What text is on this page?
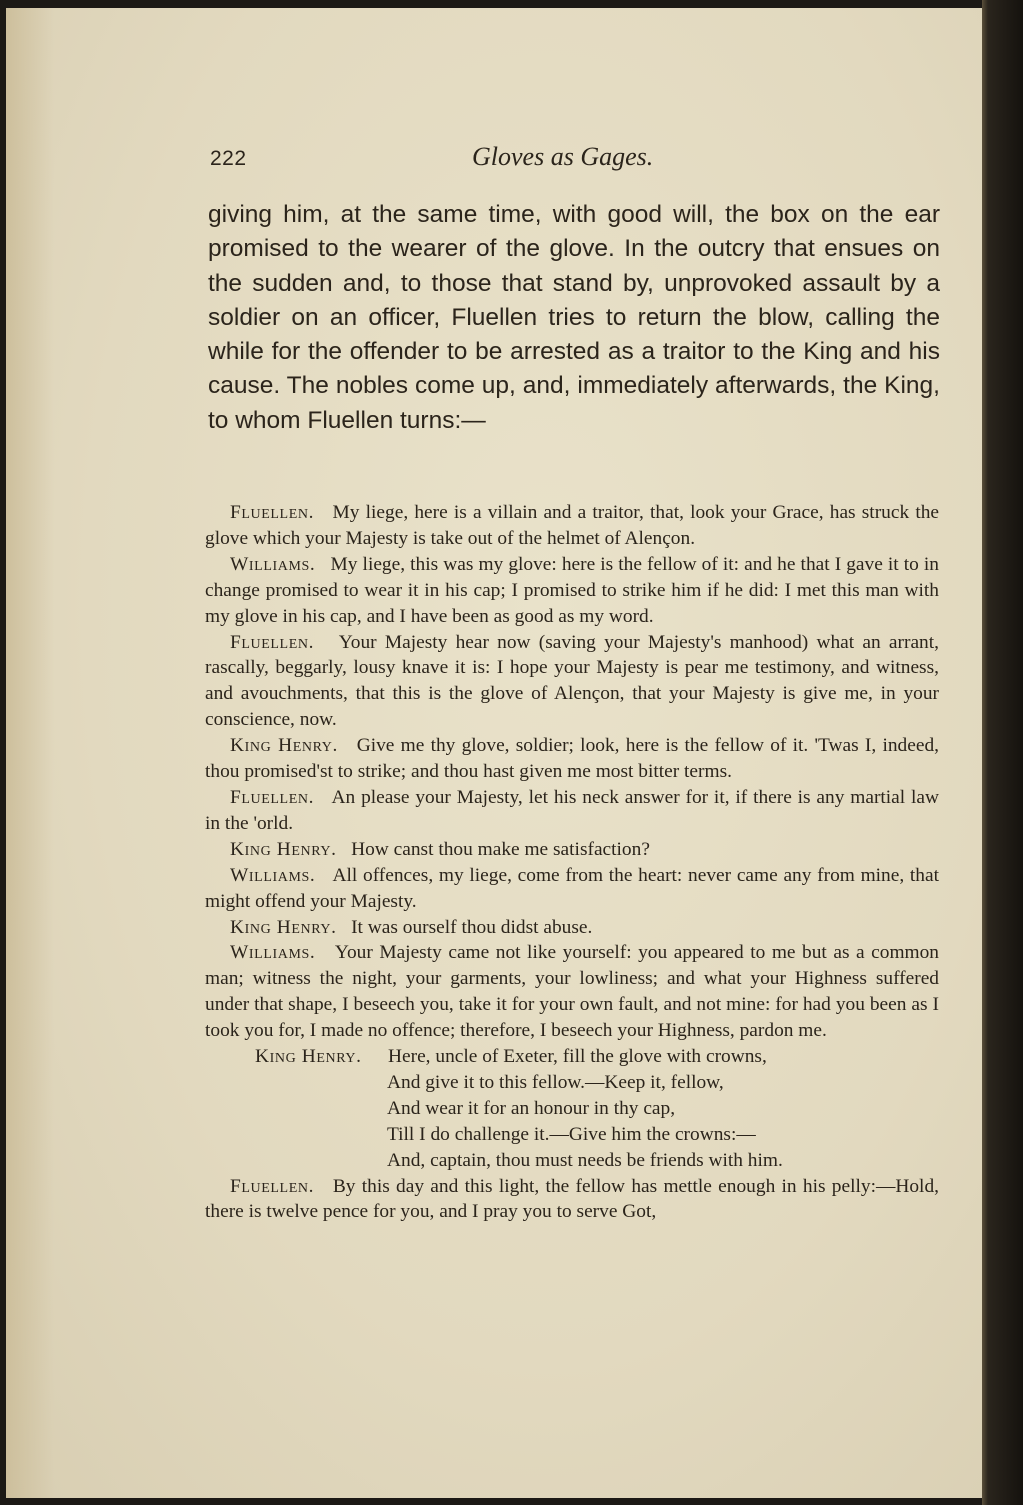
222	Gloves as Gages.

giving him, at the same time, with good will, the box on the ear promised to the wearer of the glove. In the outcry that ensues on the sudden and, to those that stand by, unprovoked assault by a soldier on an officer, Fluellen tries to return the blow, calling the while for the offender to be arrested as a traitor to the King and his cause. The nobles come up, and, immediately afterwards, the King, to whom Fluellen turns:—

Fluellen. My liege, here is a villain and a traitor, that, look your Grace, has struck the glove which your Majesty is take out of the helmet of Alençon.

Williams. My liege, this was my glove: here is the fellow of it: and he that I gave it to in change promised to wear it in his cap; I promised to strike him if he did: I met this man with my glove in his cap, and I have been as good as my word.

Fluellen. Your Majesty hear now (saving your Majesty's manhood) what an arrant, rascally, beggarly, lousy knave it is: I hope your Majesty is pear me testimony, and witness, and avouchments, that this is the glove of Alençon, that your Majesty is give me, in your conscience, now.

King Henry. Give me thy glove, soldier; look, here is the fellow of it. 'Twas I, indeed, thou promised'st to strike; and thou hast given me most bitter terms.

Fluellen. An please your Majesty, let his neck answer for it, if there is any martial law in the 'orld.

King Henry. How canst thou make me satisfaction?

Williams. All offences, my liege, come from the heart: never came any from mine, that might offend your Majesty.

King Henry. It was ourself thou didst abuse.

Williams. Your Majesty came not like yourself: you appeared to me but as a common man; witness the night, your garments, your lowliness; and what your Highness suffered under that shape, I beseech you, take it for your own fault, and not mine: for had you been as I took you for, I made no offence; therefore, I beseech your Highness, pardon me.

King Henry. Here, uncle of Exeter, fill the glove with crowns,

And give it to this fellow.—Keep it, fellow,

And wear it for an honour in thy cap,

Till I do challenge it.—Give him the crowns:—

And, captain, thou must needs be friends with him.

Fluellen. By this day and this light, the fellow has mettle enough in his pelly:—Hold, there is twelve pence for you, and I pray you to serve Got,
